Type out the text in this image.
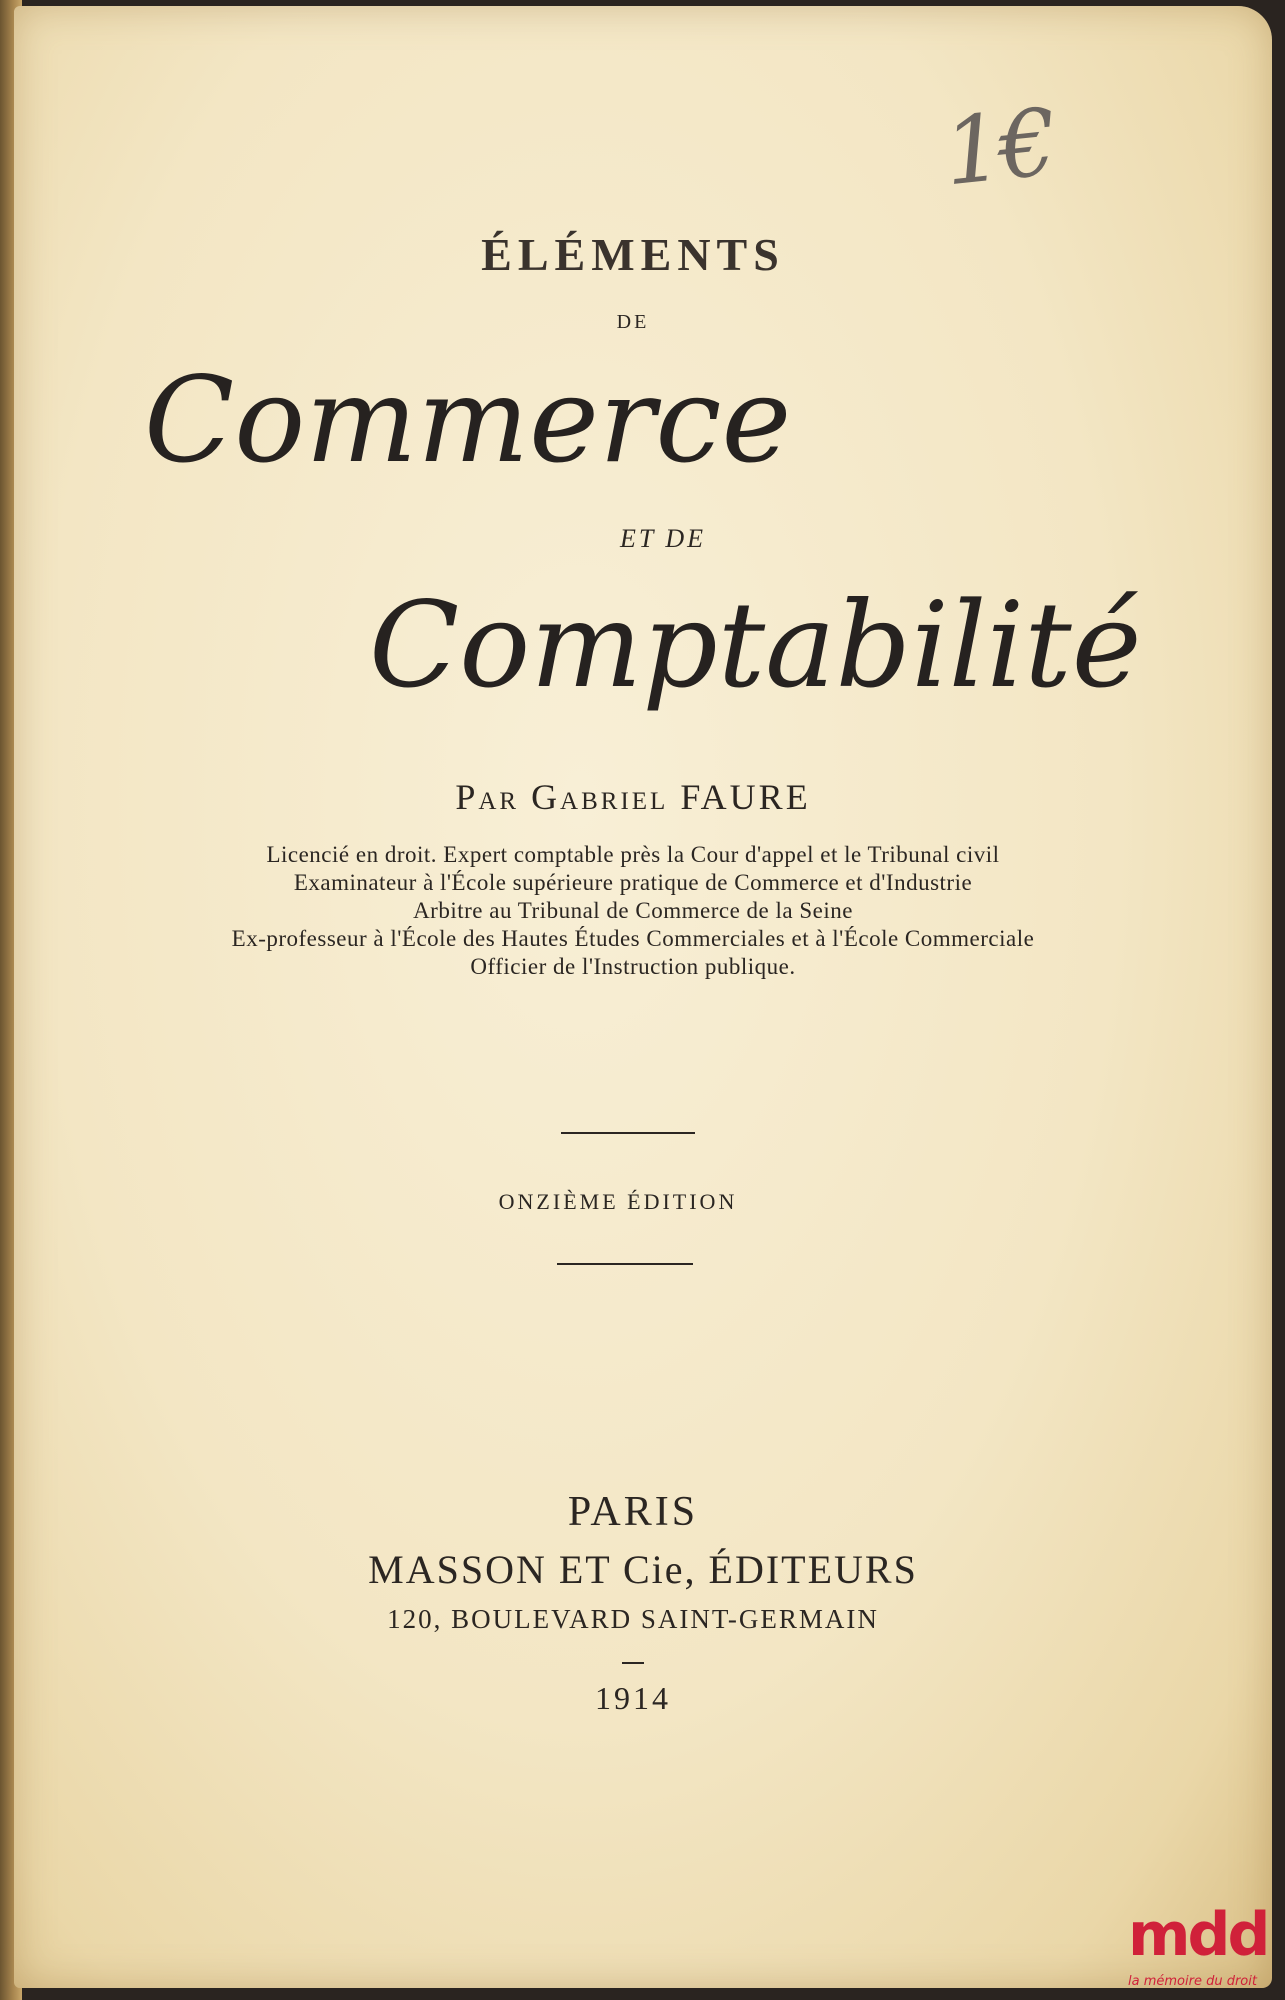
1€
ÉLÉMENTS
DE
Commerce
ET DE
Comptabilité
Par Gabriel FAURE
Licencié en droit. Expert comptable près la Cour d'appel et le Tribunal civil
Examinateur à l'École supérieure pratique de Commerce et d'Industrie
Arbitre au Tribunal de Commerce de la Seine
Ex-professeur à l'École des Hautes Études Commerciales et à l'École Commerciale
Officier de l'Instruction publique.
ONZIÈME ÉDITION
PARIS
MASSON ET Cie, ÉDITEURS
120, BOULEVARD SAINT-GERMAIN
1914
mdd
la mémoire du droit
